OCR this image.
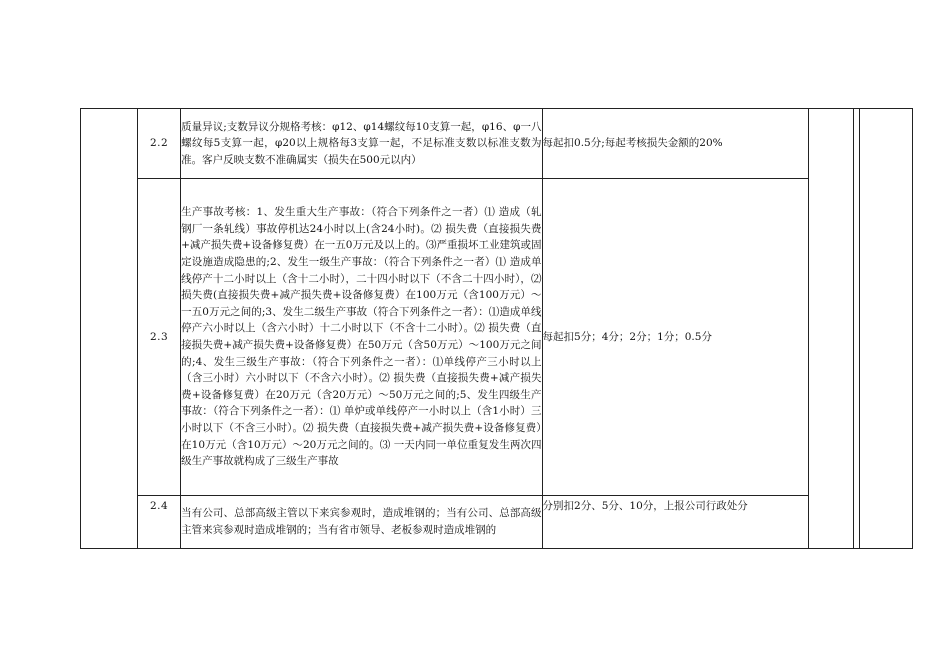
	2.2	质量异议;支数异议分规格考核：φ12、φ14螺纹每10支算一起，φ16、φ一八螺纹每5支算一起，φ20以上规格每3支算一起，不足标准支数以标准支数为准。客户反映支数不准确属实（损失在500元以内）	每起扣0.5分;每起考核损失金额的20%			
	2.3	生产事故考核：1、发生重大生产事故：（符合下列条件之一者）⑴ 造成（轧钢厂一条轧线）事故停机达24小时以上(含24小时)。⑵ 损失费（直接损失费+减产损失费+设备修复费）在一五0万元及以上的。⑶严重损坏工业建筑或固定设施造成隐患的;2、发生一级生产事故：（符合下列条件之一者）⑴ 造成单线停产十二小时以上（含十二小时），二十四小时以下（不含二十四小时），⑵ 损失费(直接损失费+减产损失费+设备修复费）在100万元（含100万元）～一五0万元之间的;3、发生二级生产事故（符合下列条件之一者）：⑴造成单线停产六小时以上（含六小时）十二小时以下（不含十二小时）。⑵ 损失费（直接损失费+减产损失费+设备修复费）在50万元（含50万元）～100万元之间的;4、发生三级生产事故：（符合下列条件之一者）：⑴单线停产三小时以上（含三小时）六小时以下（不含六小时）。⑵ 损失费（直接损失费+减产损失费+设备修复费）在20万元（含20万元）～50万元之间的;5、发生四级生产事故：（符合下列条件之一者）：⑴ 单炉或单线停产一小时以上（含1小时）三小时以下（不含三小时）。⑵ 损失费（直接损失费+减产损失费+设备修复费）在10万元（含10万元）～20万元之间的。⑶ 一天内同一单位重复发生两次四级生产事故就构成了三级生产事故	每起扣5分；4分；2分；1分；0.5分			
	2.4	当有公司、总部高级主管以下来宾参观时，造成堆钢的；当有公司、总部高级主管来宾参观时造成堆钢的；当有省市领导、老板参观时造成堆钢的	分别扣2分、5分、10分，上报公司行政处分			
